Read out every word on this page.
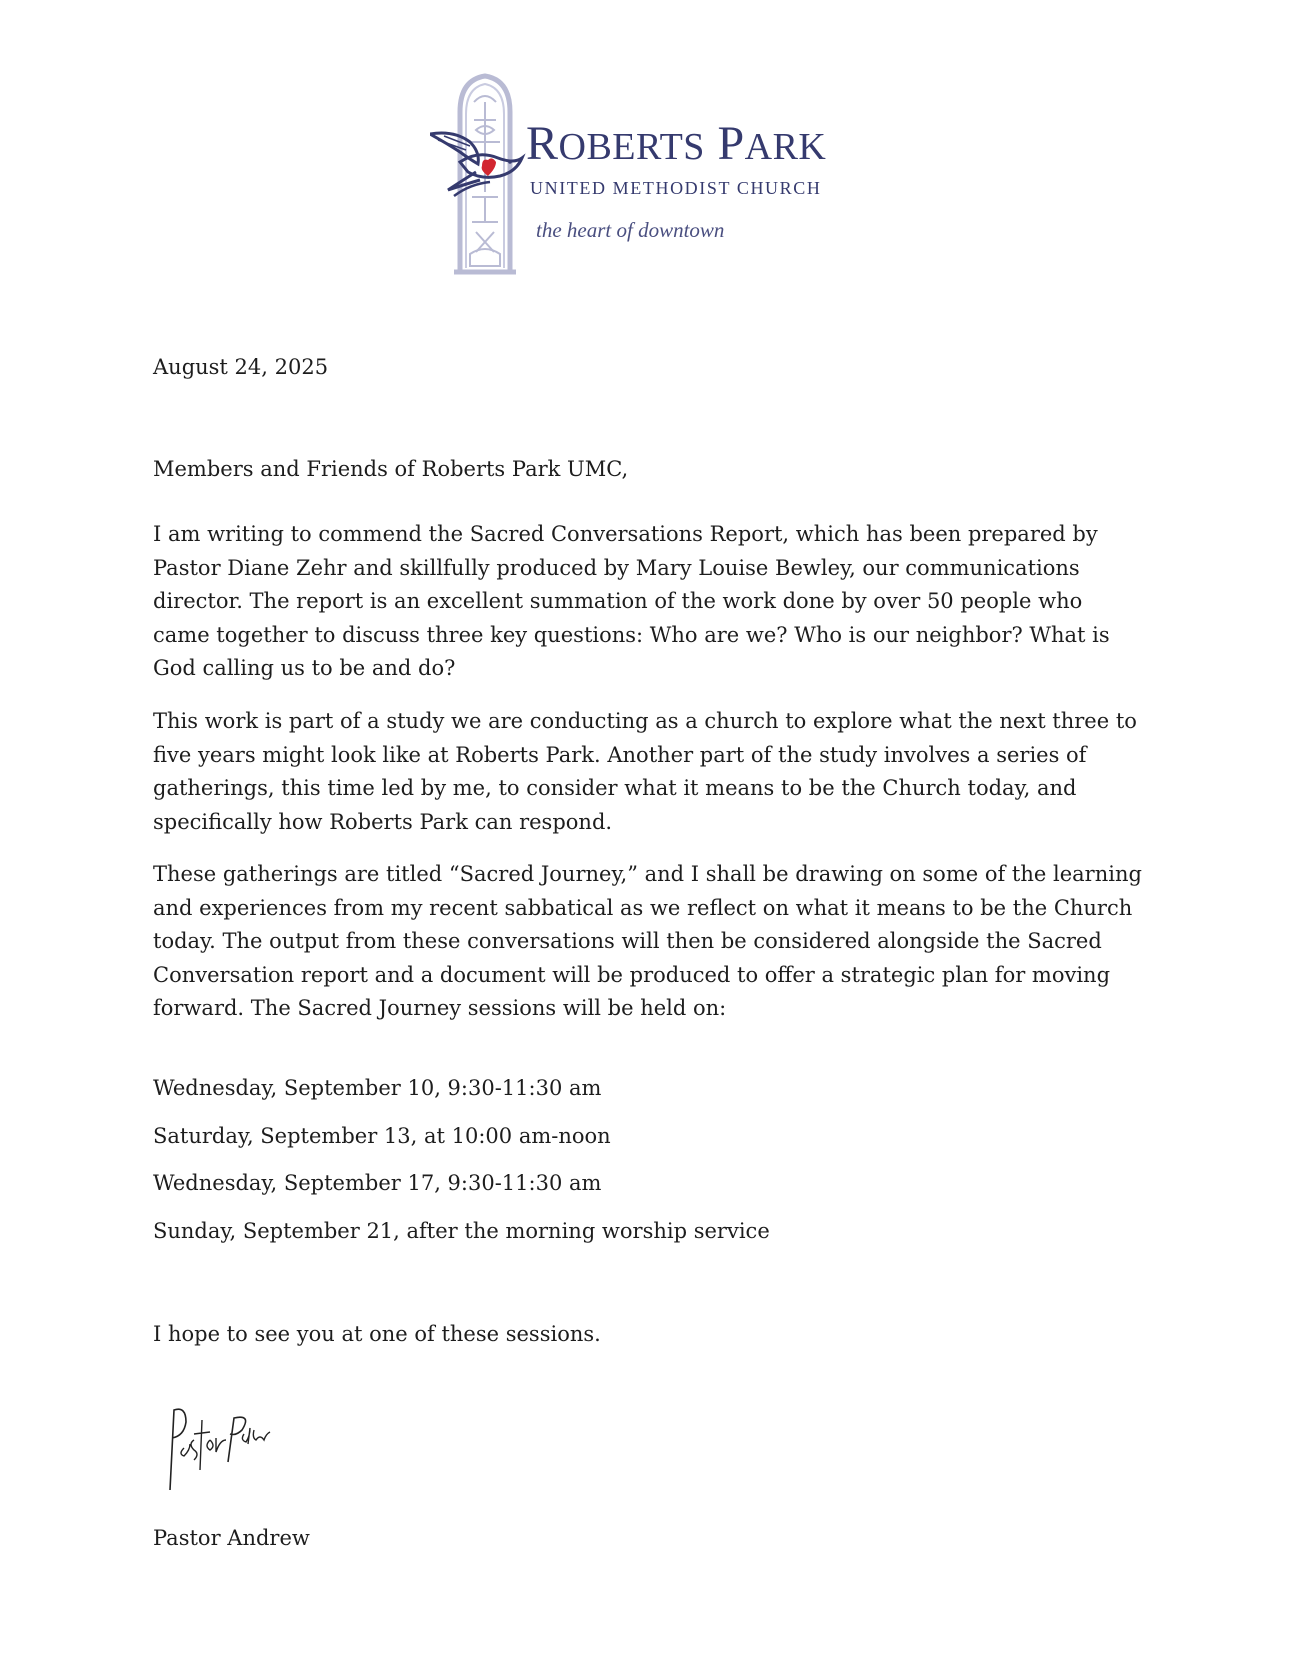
ROBERTS PARK
UNITED METHODIST CHURCH
the heart of downtown
August 24, 2025
Members and Friends of Roberts Park UMC,

I am writing to commend the Sacred Conversations Report, which has been prepared by Pastor Diane Zehr and skillfully produced by Mary Louise Bewley, our communications director. The report is an excellent summation of the work done by over 50 people who came together to discuss three key questions: Who are we? Who is our neighbor? What is God calling us to be and do?

This work is part of a study we are conducting as a church to explore what the next three to five years might look like at Roberts Park. Another part of the study involves a series of gatherings, this time led by me, to consider what it means to be the Church today, and specifically how Roberts Park can respond.

These gatherings are titled “Sacred Journey,” and I shall be drawing on some of the learning and experiences from my recent sabbatical as we reflect on what it means to be the Church today. The output from these conversations will then be considered alongside the Sacred Conversation report and a document will be produced to offer a strategic plan for moving forward. The Sacred Journey sessions will be held on:

Wednesday, September 10, 9:30-11:30 am
Saturday, September 13, at 10:00 am-noon
Wednesday, September 17, 9:30-11:30 am
Sunday, September 21, after the morning worship service
I hope to see you at one of these sessions.
Pastor Andrew
